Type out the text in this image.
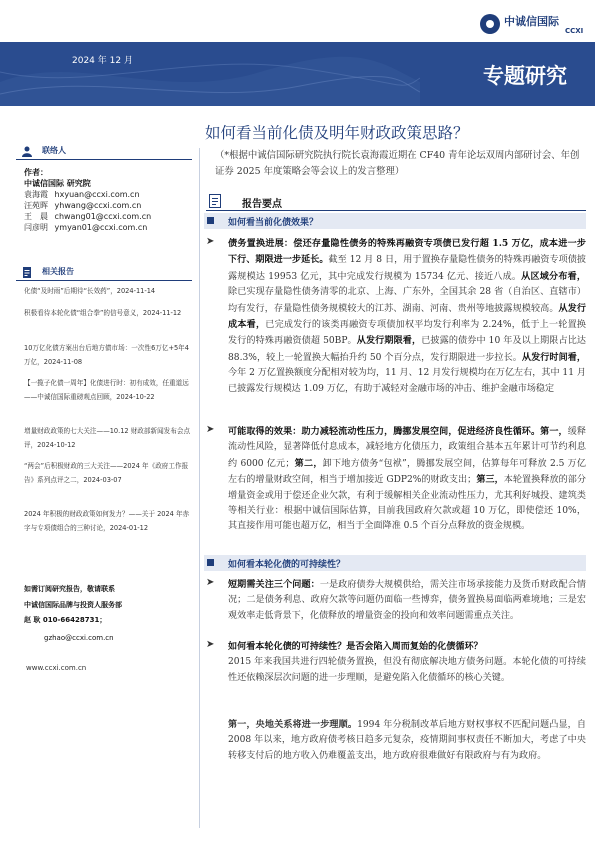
中诚信国际
CCXI
2024 年 12 月
专题研究
如何看当前化债及明年财政政策思路？
（*根据中诚信国际研究院执行院长袁海霞近期在 CF40 青年论坛双周内部研讨会、年创证券 2025 年度策略会等会议上的发言整理）
联络人
作者：
中诚信国际 研究院
袁海霞 hxyuan@ccxi.com.cn
汪苑晖 yhwang@ccxi.com.cn
王　晨 chwang01@ccxi.com.cn
闫彦明 ymyan01@ccxi.com.cn
相关报告
化债“及时雨”后期待“长效药”，2024-11-14
积极看待本轮化债“组合拳”的信号意义，2024-11-12
10万亿化债方案出台后地方债市场：一次性6万亿+5年4万亿，2024-11-08
【一揽子化债一周年】化债进行时：初有成效，任重道远——中诚信国际重磅观点回顾，2024-10-22
增量财政政策的七大关注——10.12 财政部新闻发布会点评，2024-10-12
“两会”后积极财政的三大关注——2024 年《政府工作报告》系列点评之二，2024-03-07
2024 年积极的财政政策如何发力？——关于 2024 年赤字与专项债组合的三种讨论，2024-01-12
如需订阅研究报告，敬请联系
中诚信国际品牌与投资人服务部
赵 耿 010-66428731；
gzhao@ccxi.com.cn
www.ccxi.com.cn
报告要点
如何看当前化债效果？
➤ 债务置换进展：偿还存量隐性债务的特殊再融资专项债已发行超 1.5 万亿，成本进一步下行、期限进一步延长。截至 12 月 8 日，用于置换存量隐性债务的特殊再融资专项债披露规模达 19953 亿元，其中完成发行规模为 15734 亿元、接近八成。从区域分布看，除已实现存量隐性债务清零的北京、上海、广东外，全国其余 28 省（自治区、直辖市）均有发行，存量隐性债务规模较大的江苏、湖南、河南、贵州等地披露规模较高。从发行成本看，已完成发行的该类再融资专项债加权平均发行利率为 2.24%，低于上一轮置换发行的特殊再融资债超 50BP。从发行期限看，已披露的债券中 10 年及以上期限占比达 88.3%，较上一轮置换大幅抬升约 50 个百分点，发行期限进一步拉长。从发行时间看，今年 2 万亿置换额度分配相对较为均，11 月、12 月发行规模均在万亿左右，其中 11 月已披露发行规模达 1.09 万亿，有助于减轻对金融市场的冲击、维护金融市场稳定
➤ 可能取得的效果：助力减轻流动性压力，腾挪发展空间，促进经济良性循环。第一，缓释流动性风险，显著降低付息成本，减轻地方化债压力，政策组合基本五年累计可节约利息约 6000 亿元；第二，卸下地方债务“包袱”，腾挪发展空间，估算每年可释放 2.5 万亿左右的增量财政空间，相当于增加接近 GDP2%的财政支出；第三，本轮置换释放的部分增量资金或用于偿还企业欠款，有利于缓解相关企业流动性压力，尤其利好城投、建筑类等相关行业：根据中诚信国际估算，目前我国政府欠款或超 10 万亿，即使偿还 10%，其直接作用可能也超万亿，相当于全面降准 0.5 个百分点释放的资金规模。
如何看本轮化债的可持续性？
➤ 短期需关注三个问题：一是政府债券大规模供给，需关注市场承接能力及货币财政配合情况；二是债务利息、政府欠款等问题仍面临一些博弈，债务置换易面临两难境地；三是宏观效率走低背景下，化债释放的增量资金的投向和效率问题需重点关注。
➤ 如何看本轮化债的可持续性？是否会陷入周而复始的化债循环？
2015 年来我国共进行四轮债务置换，但没有彻底解决地方债务问题。本轮化债的可持续性还依赖深层次问题的进一步理顺，是避免陷入化债循环的核心关键。
第一，央地关系将进一步理顺。1994 年分税制改革后地方财权事权不匹配问题凸显，自 2008 年以来，地方政府债考核日趋多元复杂，疫情期间事权责任不断加大，考虑了中央转移支付后的地方收入仍难覆盖支出，地方政府很难做好有限政府与有为政府。
